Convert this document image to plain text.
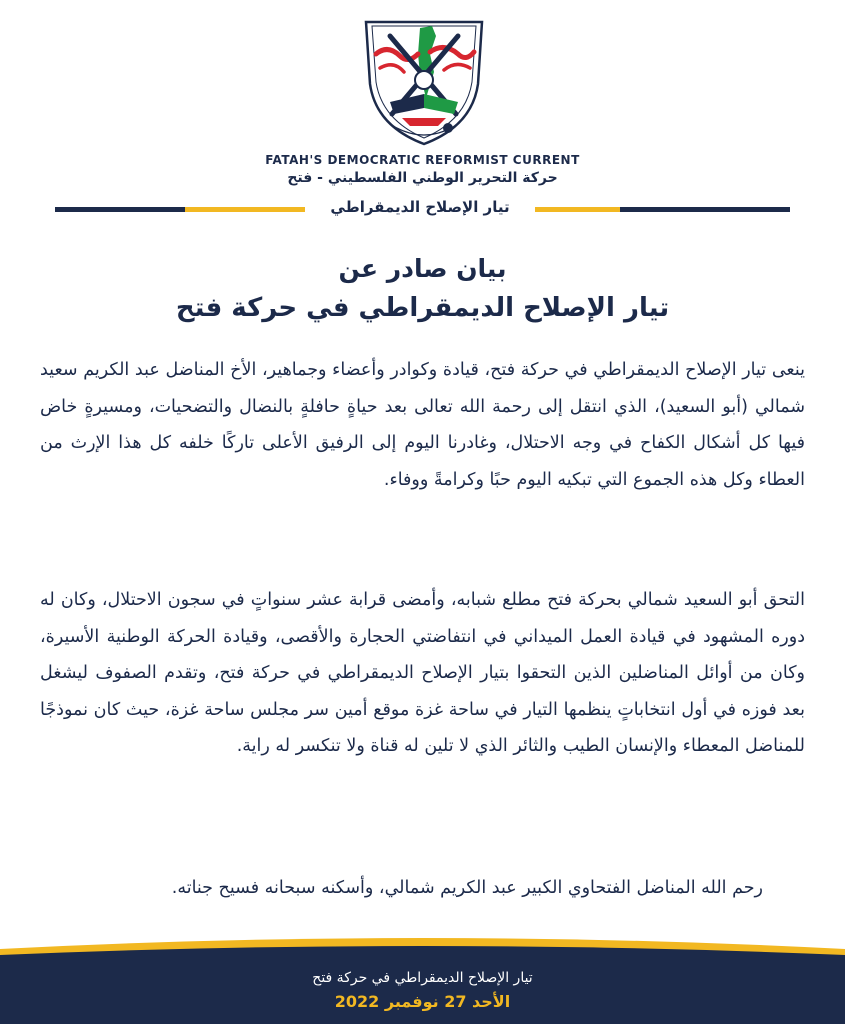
FATAH'S DEMOCRATIC REFORMIST CURRENT
حركة التحرير الوطني الفلسطيني - فتح
تيار الإصلاح الديمقراطي
بيان صادر عن
تيار الإصلاح الديمقراطي في حركة فتح
ينعى تيار الإصلاح الديمقراطي في حركة فتح، قيادة وكوادر وأعضاء وجماهير، الأخ المناضل عبد الكريم سعيد شمالي (أبو السعيد)، الذي انتقل إلى رحمة الله تعالى بعد حياةٍ حافلةٍ بالنضال والتضحيات، ومسيرةٍ خاض فيها كل أشكال الكفاح في وجه الاحتلال، وغادرنا اليوم إلى الرفيق الأعلى تاركًا خلفه كل هذا الإرث من العطاء وكل هذه الجموع التي تبكيه اليوم حبًا وكرامةً ووفاء.
التحق أبو السعيد شمالي بحركة فتح مطلع شبابه، وأمضى قرابة عشر سنواتٍ في سجون الاحتلال، وكان له دوره المشهود في قيادة العمل الميداني في انتفاضتي الحجارة والأقصى، وقيادة الحركة الوطنية الأسيرة، وكان من أوائل المناضلين الذين التحقوا بتيار الإصلاح الديمقراطي في حركة فتح، وتقدم الصفوف ليشغل بعد فوزه في أول انتخاباتٍ ينظمها التيار في ساحة غزة موقع أمين سر مجلس ساحة غزة، حيث كان نموذجًا للمناضل المعطاء والإنسان الطيب والثائر الذي لا تلين له قناة ولا تنكسر له راية.
رحم الله المناضل الفتحاوي الكبير عبد الكريم شمالي، وأسكنه سبحانه فسيح جناته.
تيار الإصلاح الديمقراطي في حركة فتح
الأحد 27 نوفمبر 2022
